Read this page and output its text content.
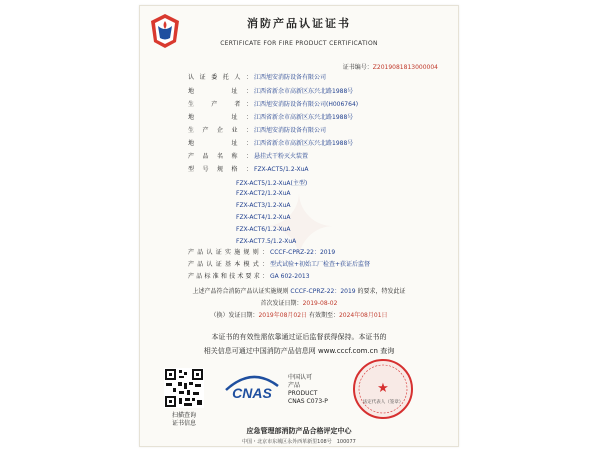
消防产品认证证书
CERTIFICATE FOR FIRE PRODUCT CERTIFICATION
证书编号：Z2019081813000004
认证委托人： 江西旭安消防设备有限公司
地　　址： 江西省新余市高新区东兴北路1988号
生　产　者： 江西旭安消防设备有限公司(H006764)
地　　址： 江西省新余市高新区东兴北路1988号
生产企业： 江西旭安消防设备有限公司
地　　址： 江西省新余市高新区东兴北路1988号
产品名称： 悬挂式干粉灭火装置
型号规格： FZX-ACT5/1.2-XuA
FZX-ACT5/1.2-XuA(主型)
FZX-ACT2/1.2-XuA
FZX-ACT3/1.2-XuA
FZX-ACT4/1.2-XuA
FZX-ACT6/1.2-XuA
FZX-ACT7.5/1.2-XuA
产品认证实施规则： CCCF-CPRZ-22：2019
产品认证基本模式： 型式试验+初始工厂检查+获证后监督
产品标准和技术要求： GA 602-2013
上述产品符合消防产品认证实施规则 CCCF-CPRZ-22：2019 的要求，特发此证
首次发证日期：2019-08-02
（换）发证日期：2019年08月02日 有效期至：2024年08月01日
本证书的有效性需依靠通过证后监督获得保持。本证书的
相关信息可通过中国消防产品信息网 www.cccf.com.cn 查询
扫描查询
证书信息
CNAS
中国认可
产品
PRODUCT
CNAS C073-P
★
法定代表人（签章）
应急管理部消防产品合格评定中心
中国・北京市东城区永外西革新里108号　100077
